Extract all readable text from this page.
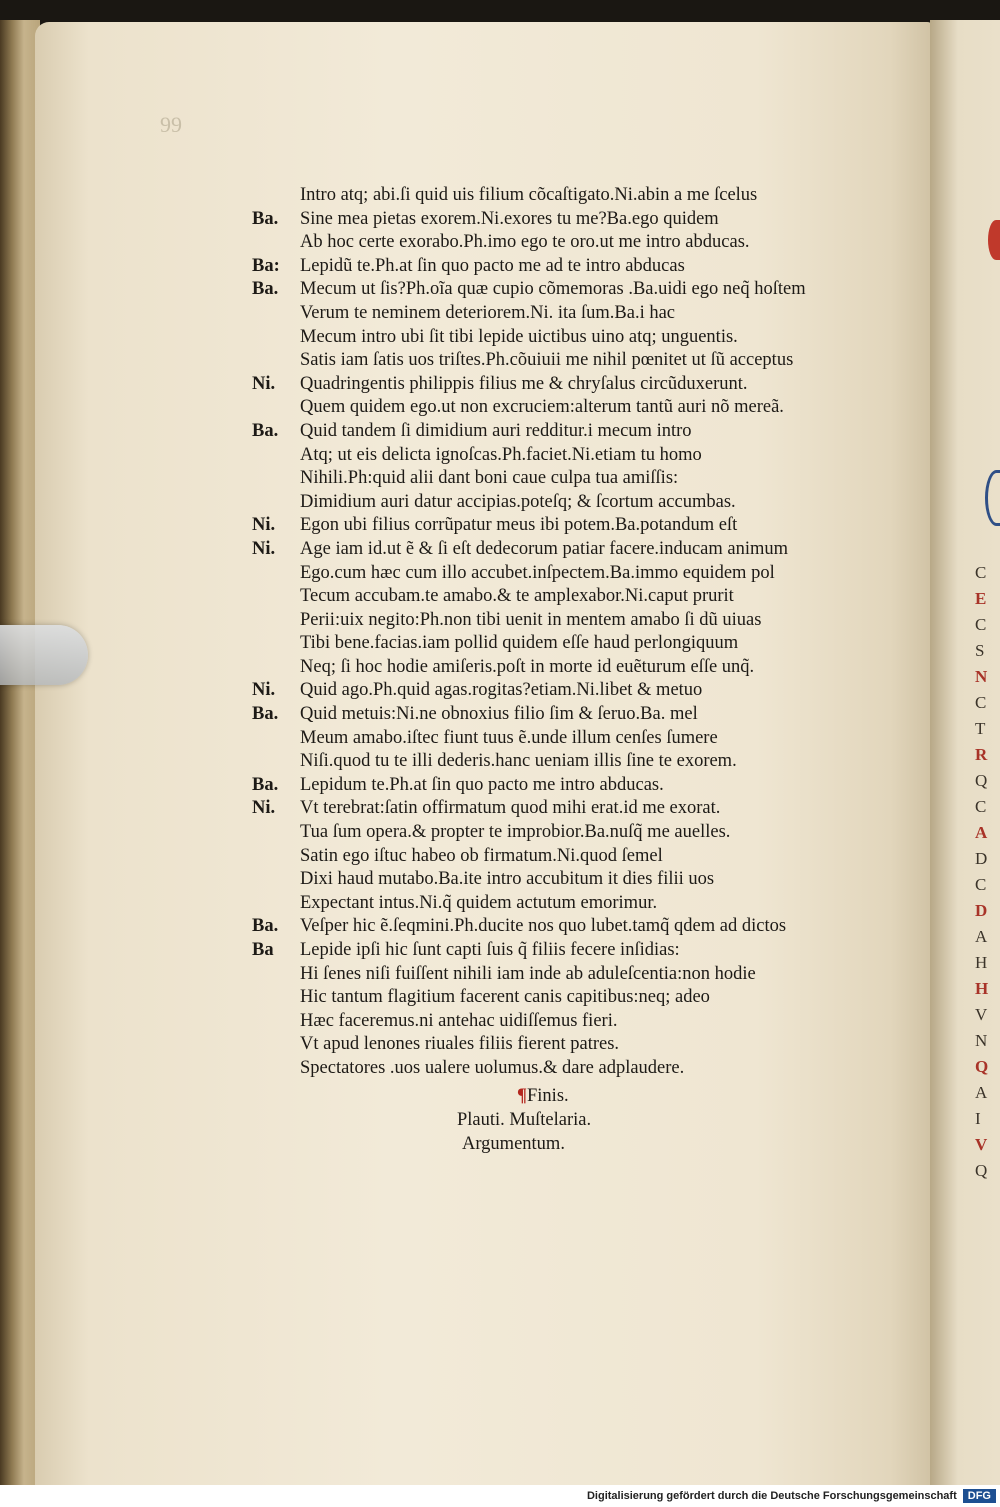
99
Intro atq; abi.ſi quid uis filium cõcaſtigato.Ni.abin a me ſcelus
Ba.	Sine mea pietas exorem.Ni.exores tu me?Ba.ego quidem
Ab hoc certe exorabo.Ph.imo ego te oro.ut me intro abducas.
Ba:	Lepidũ te.Ph.at ſin quo pacto me ad te intro abducas
Ba.	Mecum ut ſis?Ph.oĩa quæ cupio cõmemoras .Ba.uidi ego neq̃ hoſtem
Verum te neminem deteriorem.Ni. ita ſum.Ba.i hac
Mecum intro ubi ſit tibi lepide uictibus uino atq; unguentis.
Satis iam ſatis uos triſtes.Ph.cõuiuii me nihil pœnitet ut ſũ acceptus
Ni.	Quadringentis philippis filius me & chryſalus circũduxerunt.
Quem quidem ego.ut non excruciem:alterum tantũ auri nõ mereã.
Ba.	Quid tandem ſi dimidium auri redditur.i mecum intro
Atq; ut eis delicta ignoſcas.Ph.faciet.Ni.etiam tu homo
Nihili.Ph:quid alii dant boni caue culpa tua amiſſis:
Dimidium auri datur accipias.poteſq; & ſcortum accumbas.
Ni.	Egon ubi filius corrũpatur meus ibi potem.Ba.potandum eſt
Ni.	Age iam id.ut ẽ & ſi eſt dedecorum patiar facere.inducam animum
Ego.cum hæc cum illo accubet.inſpectem.Ba.immo equidem pol
Tecum accubam.te amabo.& te amplexabor.Ni.caput prurit
Perii:uix negito:Ph.non tibi uenit in mentem amabo ſi dũ uiuas
Tibi bene.facias.iam pollid quidem eſſe haud perlongiquum
Neq; ſi hoc hodie amiſeris.poſt in morte id euẽturum eſſe unq̃.
Ni.	Quid ago.Ph.quid agas.rogitas?etiam.Ni.libet & metuo
Ba.	Quid metuis:Ni.ne obnoxius filio ſim & ſeruo.Ba. mel
Meum amabo.iſtec fiunt tuus ẽ.unde illum cenſes ſumere
Niſi.quod tu te illi dederis.hanc ueniam illis ſine te exorem.
Ba.	Lepidum te.Ph.at ſin quo pacto me intro abducas.
Ni.	Vt terebrat:ſatin offirmatum quod mihi erat.id me exorat.
Tua ſum opera.& propter te improbior.Ba.nuſq̃ me auelles.
Satin ego iſtuc habeo ob firmatum.Ni.quod ſemel
Dixi haud mutabo.Ba.ite intro accubitum it dies filii uos
Expectant intus.Ni.q̃ quidem actutum emorimur.
Ba.	Veſper hic ẽ.ſeqmini.Ph.ducite nos quo lubet.tamq̃ qdem ad dictos
Ba	Lepide ipſi hic ſunt capti ſuis q̃ filiis fecere inſidias:
Hi ſenes niſi fuiſſent nihili iam inde ab aduleſcentia:non hodie
Hic tantum flagitium facerent canis capitibus:neq; adeo
Hæc faceremus.ni antehac uidiſſemus fieri.
Vt apud lenones riuales filiis fierent patres.
Spectatores .uos ualere uolumus.& dare adplaudere.
¶Finis.
Plauti. Muſtelaria.
Argumentum.
C
E
C
S
N
C
T
R
Q
C
A
D
C
D
A
H
H
V
N
Q
A
I
V
Q
Digitalisierung gefördert durch die Deutsche Forschungsgemeinschaft	DFG
